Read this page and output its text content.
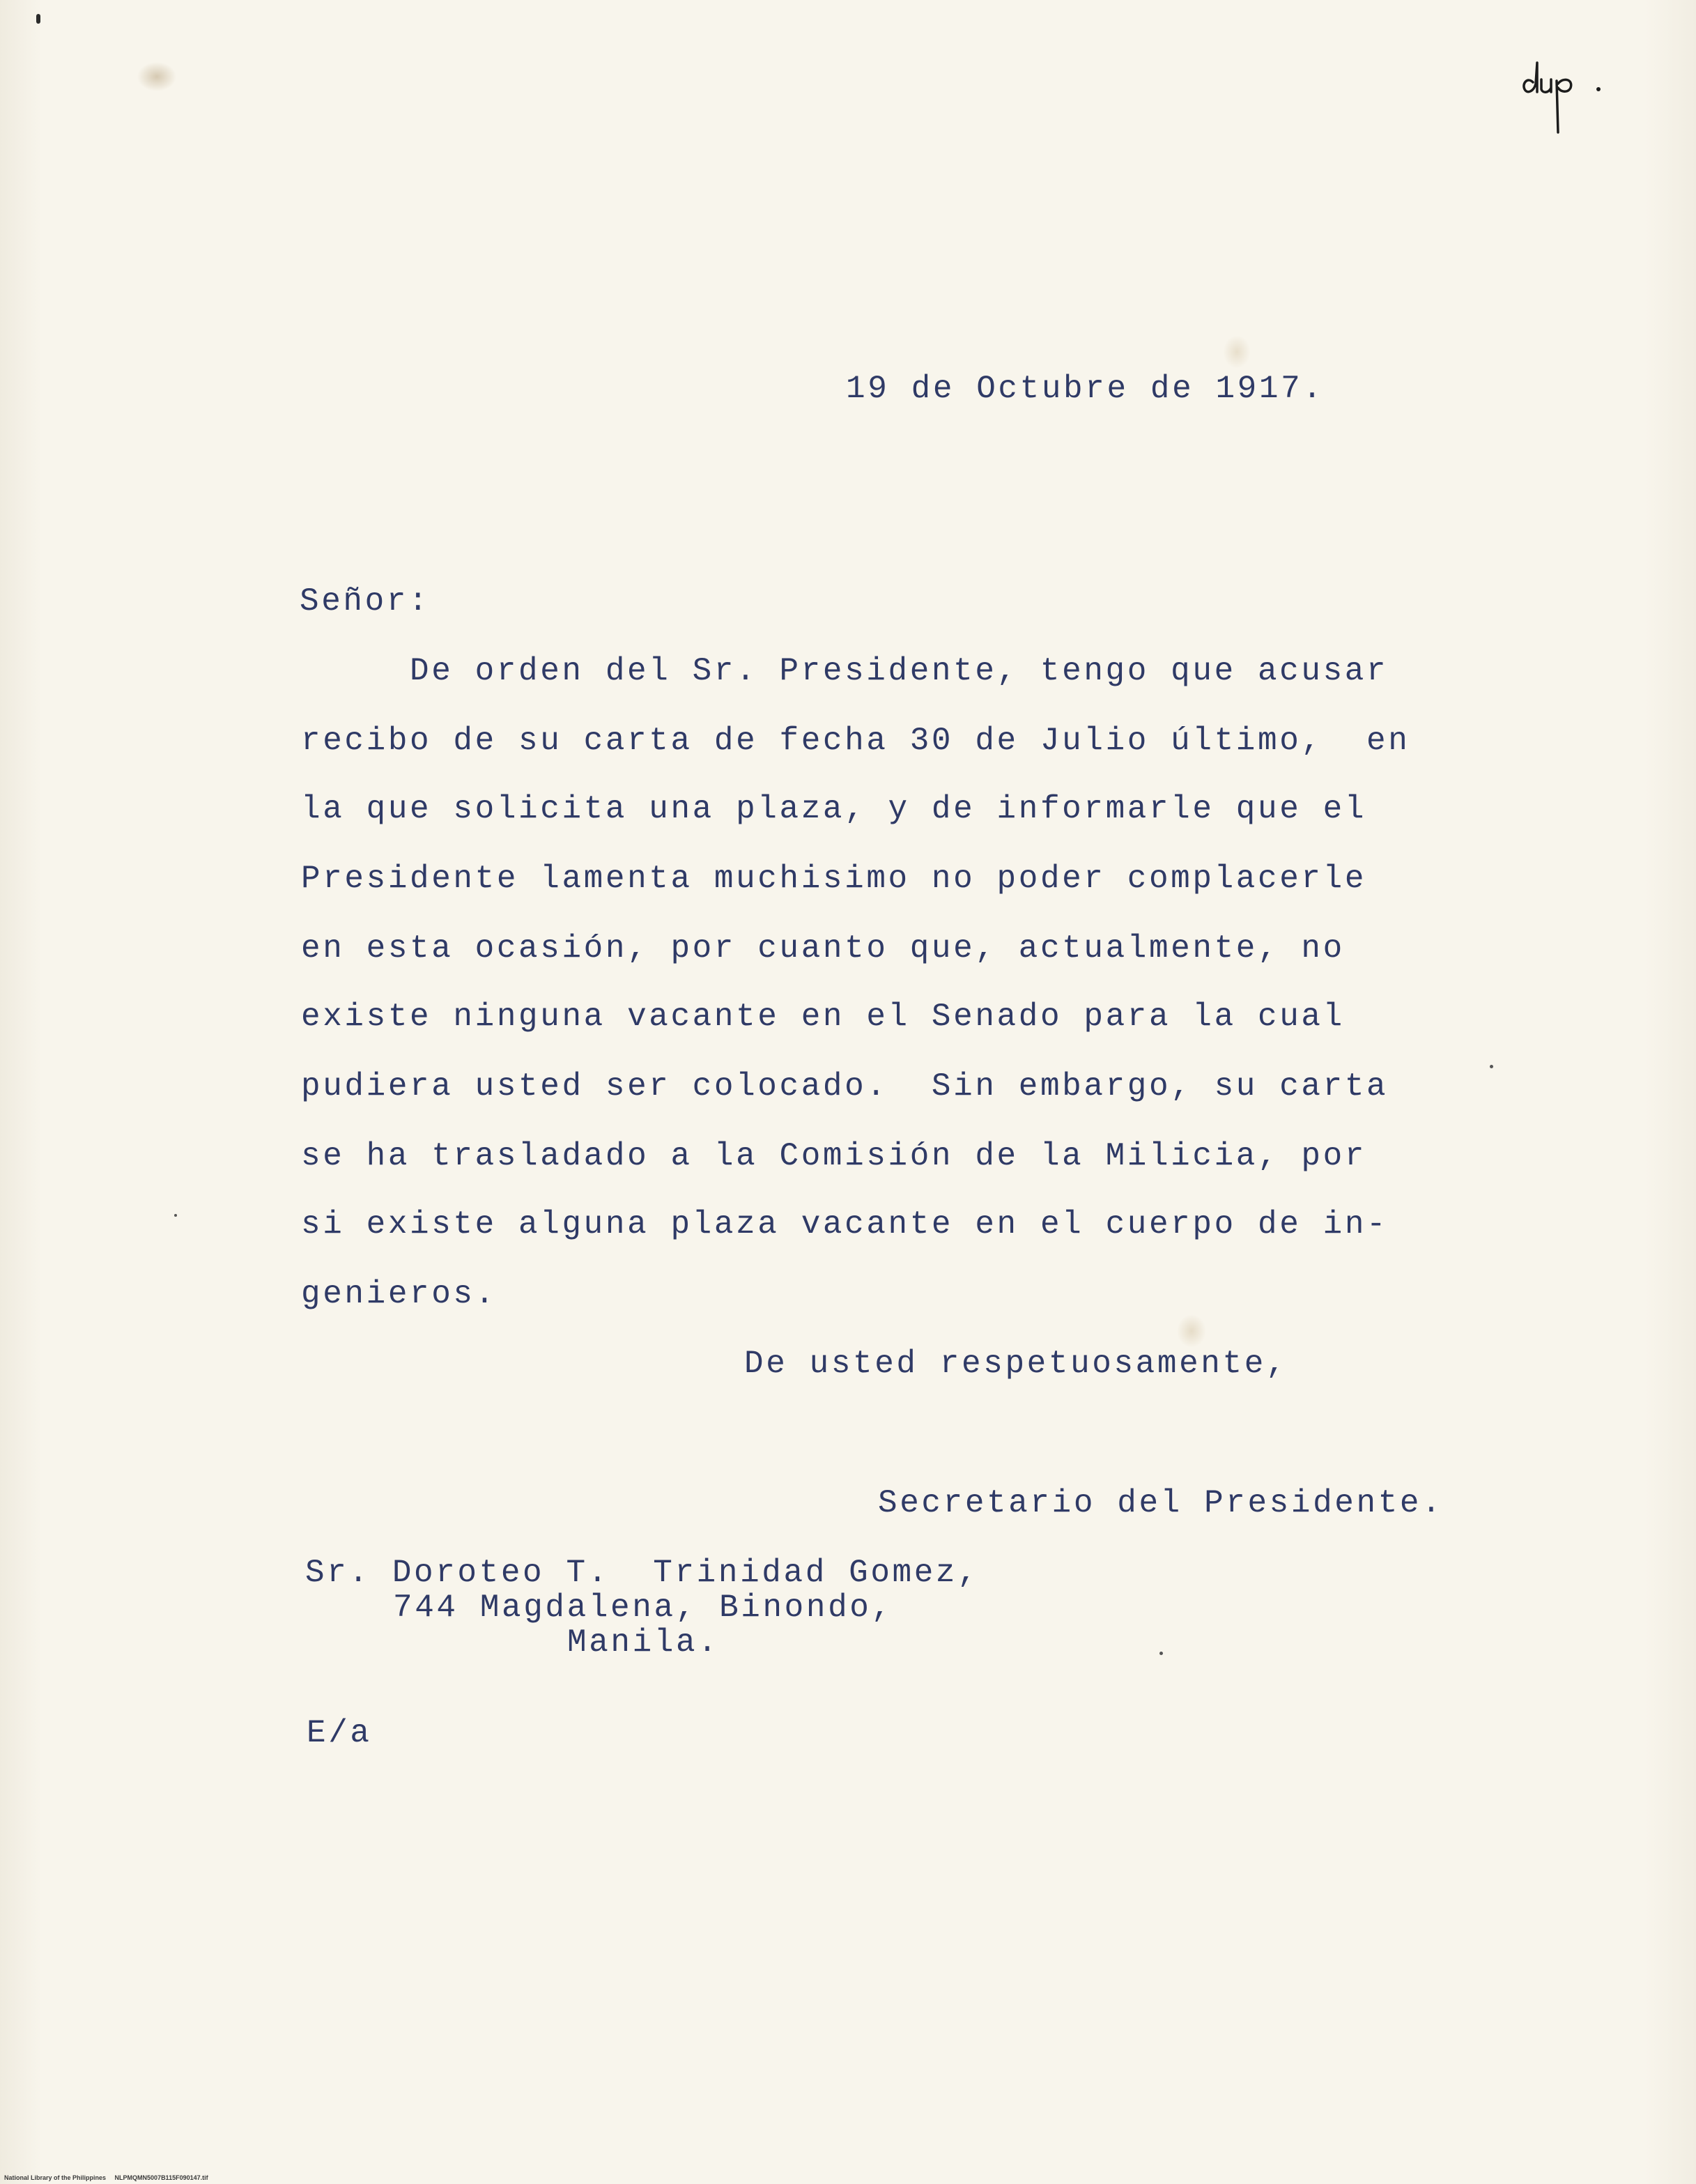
19 de Octubre de 1917.
Señor:
De orden del Sr. Presidente, tengo que acusar
recibo de su carta de fecha 30 de Julio último,  en
la que solicita una plaza, y de informarle que el
Presidente lamenta muchisimo no poder complacerle
en esta ocasión, por cuanto que, actualmente, no
existe ninguna vacante en el Senado para la cual
pudiera usted ser colocado.  Sin embargo, su carta
se ha trasladado a la Comisión de la Milicia, por
si existe alguna plaza vacante en el cuerpo de in-
genieros.
De usted respetuosamente,
Secretario del Presidente.
Sr. Doroteo T.  Trinidad Gomez,
744 Magdalena, Binondo,
Manila.
E/a
National Library of the Philippines NLPMQMN5007B115F090147.tif
